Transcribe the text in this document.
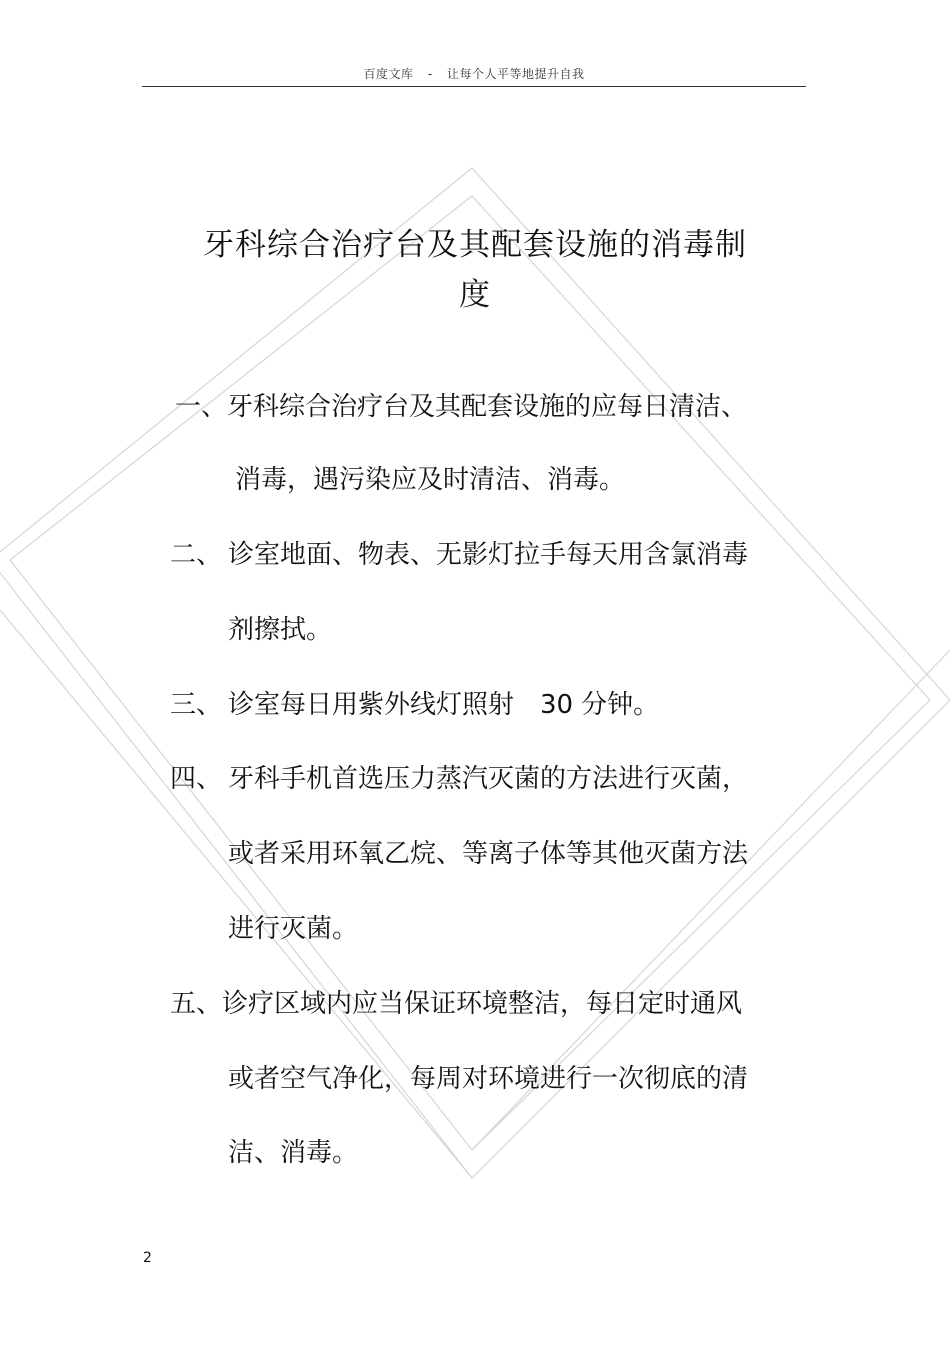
百度文库 - 让每个人平等地提升自我
牙科综合治疗台及其配套设施的消毒制
度
一、牙科综合治疗台及其配套设施的应每日清洁、
消毒，遇污染应及时清洁、消毒。
二、 诊室地面、物表、无影灯拉手每天用含氯消毒
剂擦拭。
三、 诊室每日用紫外线灯照射 30 分钟。
四、 牙科手机首选压力蒸汽灭菌的方法进行灭菌，
或者采用环氧乙烷、等离子体等其他灭菌方法
进行灭菌。
五、诊疗区域内应当保证环境整洁，每日定时通风
或者空气净化，每周对环境进行一次彻底的清
洁、消毒。
2
